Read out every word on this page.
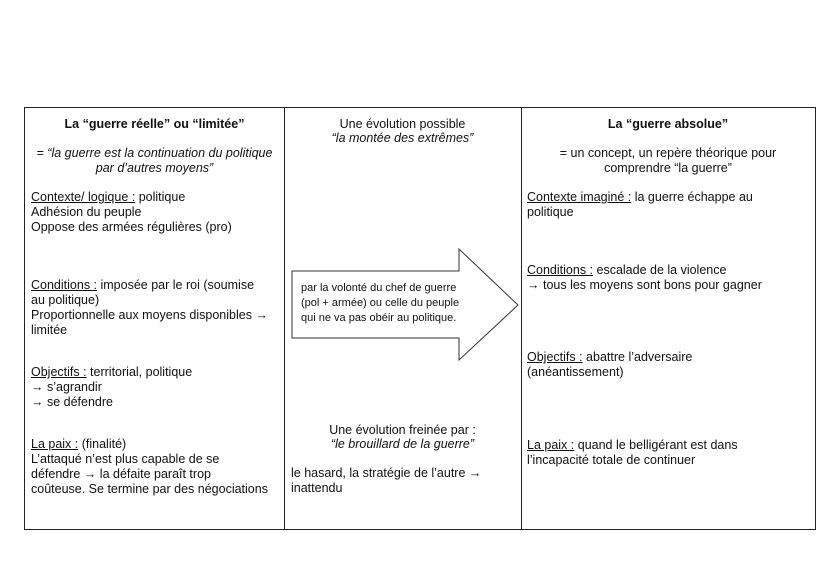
La “guerre réelle” ou “limitée”

= “la guerre est la continuation du politique

par d’autres moyens”

Contexte/ logique : politique

Adhésion du peuple

Oppose des armées régulières (pro)

Conditions : imposée par le roi (soumise

au politique)

Proportionnelle aux moyens disponibles →

limitée

Objectifs : territorial, politique

→ s’agrandir

→ se défendre

La paix : (finalité)

L’attaqué n’est plus capable de se

défendre → la défaite paraît trop

coûteuse. Se termine par des négociations

Une évolution possible

“la montée des extrêmes”

par la volonté du chef de guerre

(pol + armée) ou celle du peuple

qui ne va pas obéir au politique.

Une évolution freinée par :

“le brouillard de la guerre”

le hasard, la stratégie de l’autre →

inattendu

La “guerre absolue”

= un concept, un repère théorique pour

comprendre “la guerre”

Contexte imaginé : la guerre échappe au

politique

Conditions : escalade de la violence

→ tous les moyens sont bons pour gagner

Objectifs : abattre l’adversaire

(anéantissement)

La paix : quand le belligérant est dans

l’incapacité totale de continuer
